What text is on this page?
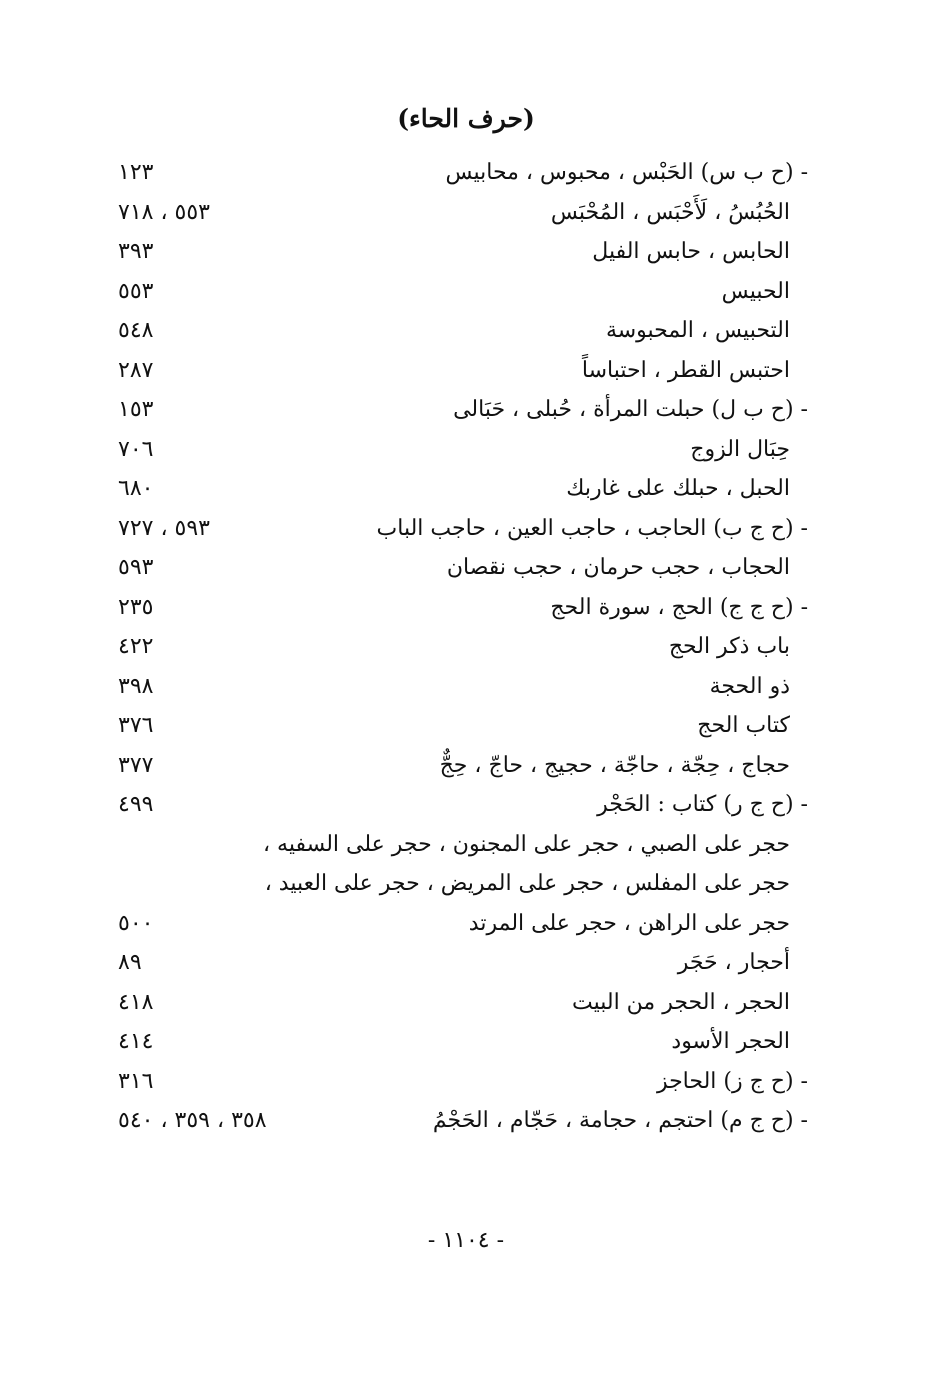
(حرف الحاء)
- (ح ب س) الحَبْس ، محبوس ، محابيس
١٢٣
الحُبُسُ ، لَأَحْبَس ، المُحْبَس
٥٥٣ ، ٧١٨
الحابس ، حابس الفيل
٣٩٣
الحبيس
٥٥٣
التحبيس ، المحبوسة
٥٤٨
احتبس القطر ، احتباساً
٢٨٧
- (ح ب ل) حبلت المرأة ، حُبلى ، حَبَالى
١٥٣
حِبَال الزوج
٧٠٦
الحبل ، حبلك على غاربك
٦٨٠
- (ح ج ب) الحاجب ، حاجب العين ، حاجب الباب
٥٩٣ ، ٧٢٧
الحجاب ، حجب حرمان ، حجب نقصان
٥٩٣
- (ح ج ج) الحج ، سورة الحج
٢٣٥
باب ذكر الحج
٤٢٢
ذو الحجة
٣٩٨
كتاب الحج
٣٧٦
حجاج ، حِجّة ، حاجّة ، حجيج ، حاجّ ، حِجٌّ
٣٧٧
- (ح ج ر) كتاب : الحَجْر
٤٩٩
حجر على الصبي ، حجر على المجنون ، حجر على السفيه ،
حجر على المفلس ، حجر على المريض ، حجر على العبيد ،
حجر على الراهن ، حجر على المرتد
٥٠٠
أحجار ، حَجَر
٨٩
الحجر ، الحجر من البيت
٤١٨
الحجر الأسود
٤١٤
- (ح ج ز) الحاجز
٣١٦
- (ح ج م) احتجم ، حجامة ، حَجّام ، الحَجْمُ
٣٥٨ ، ٣٥٩ ، ٥٤٠
- ١١٠٤ -
